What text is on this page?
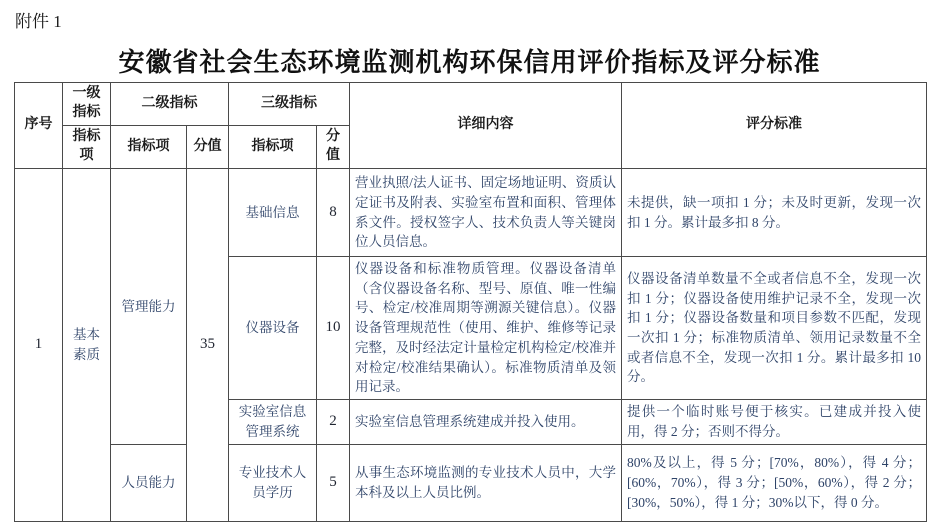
附件 1
安徽省社会生态环境监测机构环保信用评价指标及评分标准
序号	一级指标	二级指标		三级指标		详细内容	评分标准
	指标项	指标项	分值	指标项	分值		
1	基本素质	管理能力	35	基础信息	8	营业执照/法人证书、固定场地证明、资质认定证书及附表、实验室布置和面积、管理体系文件。授权签字人、技术负责人等关键岗位人员信息。	未提供，缺一项扣 1 分；未及时更新，发现一次扣 1 分。累计最多扣 8 分。
				仪器设备	10	仪器设备和标准物质管理。仪器设备清单（含仪器设备名称、型号、原值、唯一性编号、检定/校准周期等溯源关键信息）。仪器设备管理规范性（使用、维护、维修等记录完整，及时经法定计量检定机构检定/校准并对检定/校准结果确认）。标准物质清单及领用记录。	仪器设备清单数量不全或者信息不全，发现一次扣 1 分；仪器设备使用维护记录不全，发现一次扣 1 分；仪器设备数量和项目参数不匹配，发现一次扣 1 分；标准物质清单、领用记录数量不全或者信息不全，发现一次扣 1 分。累计最多扣 10 分。
				实验室信息管理系统	2	实验室信息管理系统建成并投入使用。	提供一个临时账号便于核实。已建成并投入使用，得 2 分；否则不得分。
		人员能力		专业技术人员学历	5	从事生态环境监测的专业技术人员中，大学本科及以上人员比例。	80%及以上，得 5 分；[70%，80%），得 4 分；[60%，70%），得 3 分；[50%，60%），得 2 分；[30%，50%），得 1 分；30%以下，得 0 分。
